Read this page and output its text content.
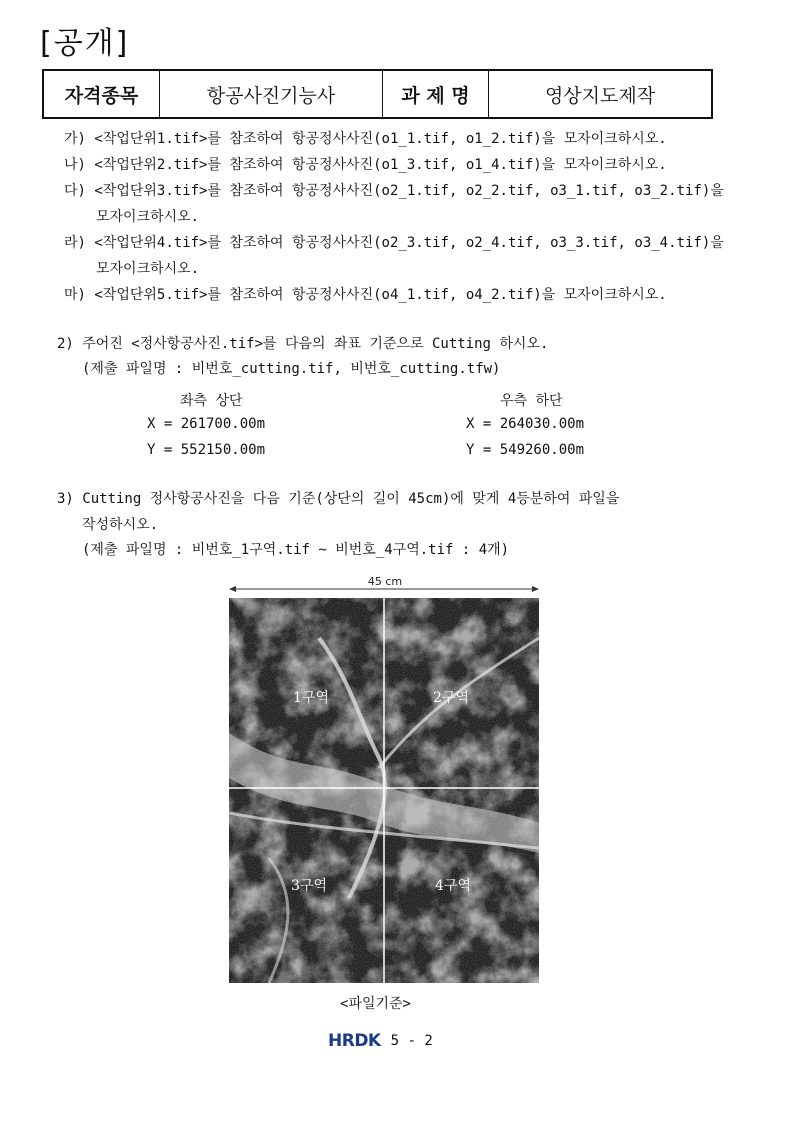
[공개]
자격종목	항공사진기능사	과 제 명	영상지도제작
가) <작업단위1.tif>를 참조하여 항공정사사진(o1_1.tif, o1_2.tif)을 모자이크하시오.
나) <작업단위2.tif>를 참조하여 항공정사사진(o1_3.tif, o1_4.tif)을 모자이크하시오.
다) <작업단위3.tif>를 참조하여 항공정사사진(o2_1.tif, o2_2.tif, o3_1.tif, o3_2.tif)을
모자이크하시오.
라) <작업단위4.tif>를 참조하여 항공정사사진(o2_3.tif, o2_4.tif, o3_3.tif, o3_4.tif)을
모자이크하시오.
마) <작업단위5.tif>를 참조하여 항공정사사진(o4_1.tif, o4_2.tif)을 모자이크하시오.
2) 주어진 <정사항공사진.tif>를 다음의 좌표 기준으로 Cutting 하시오.
(제출 파일명 : 비번호_cutting.tif, 비번호_cutting.tfw)
좌측 상단	우측 하단
X = 261700.00m	X = 264030.00m
Y = 552150.00m	Y = 549260.00m
3) Cutting 정사항공사진을 다음 기준(상단의 길이 45cm)에 맞게 4등분하여 파일을
작성하시오.
(제출 파일명 : 비번호_1구역.tif ~ 비번호_4구역.tif : 4개)
45 cm
1구역	2구역
3구역	4구역
<파일기준>
HRDK 5 - 2
